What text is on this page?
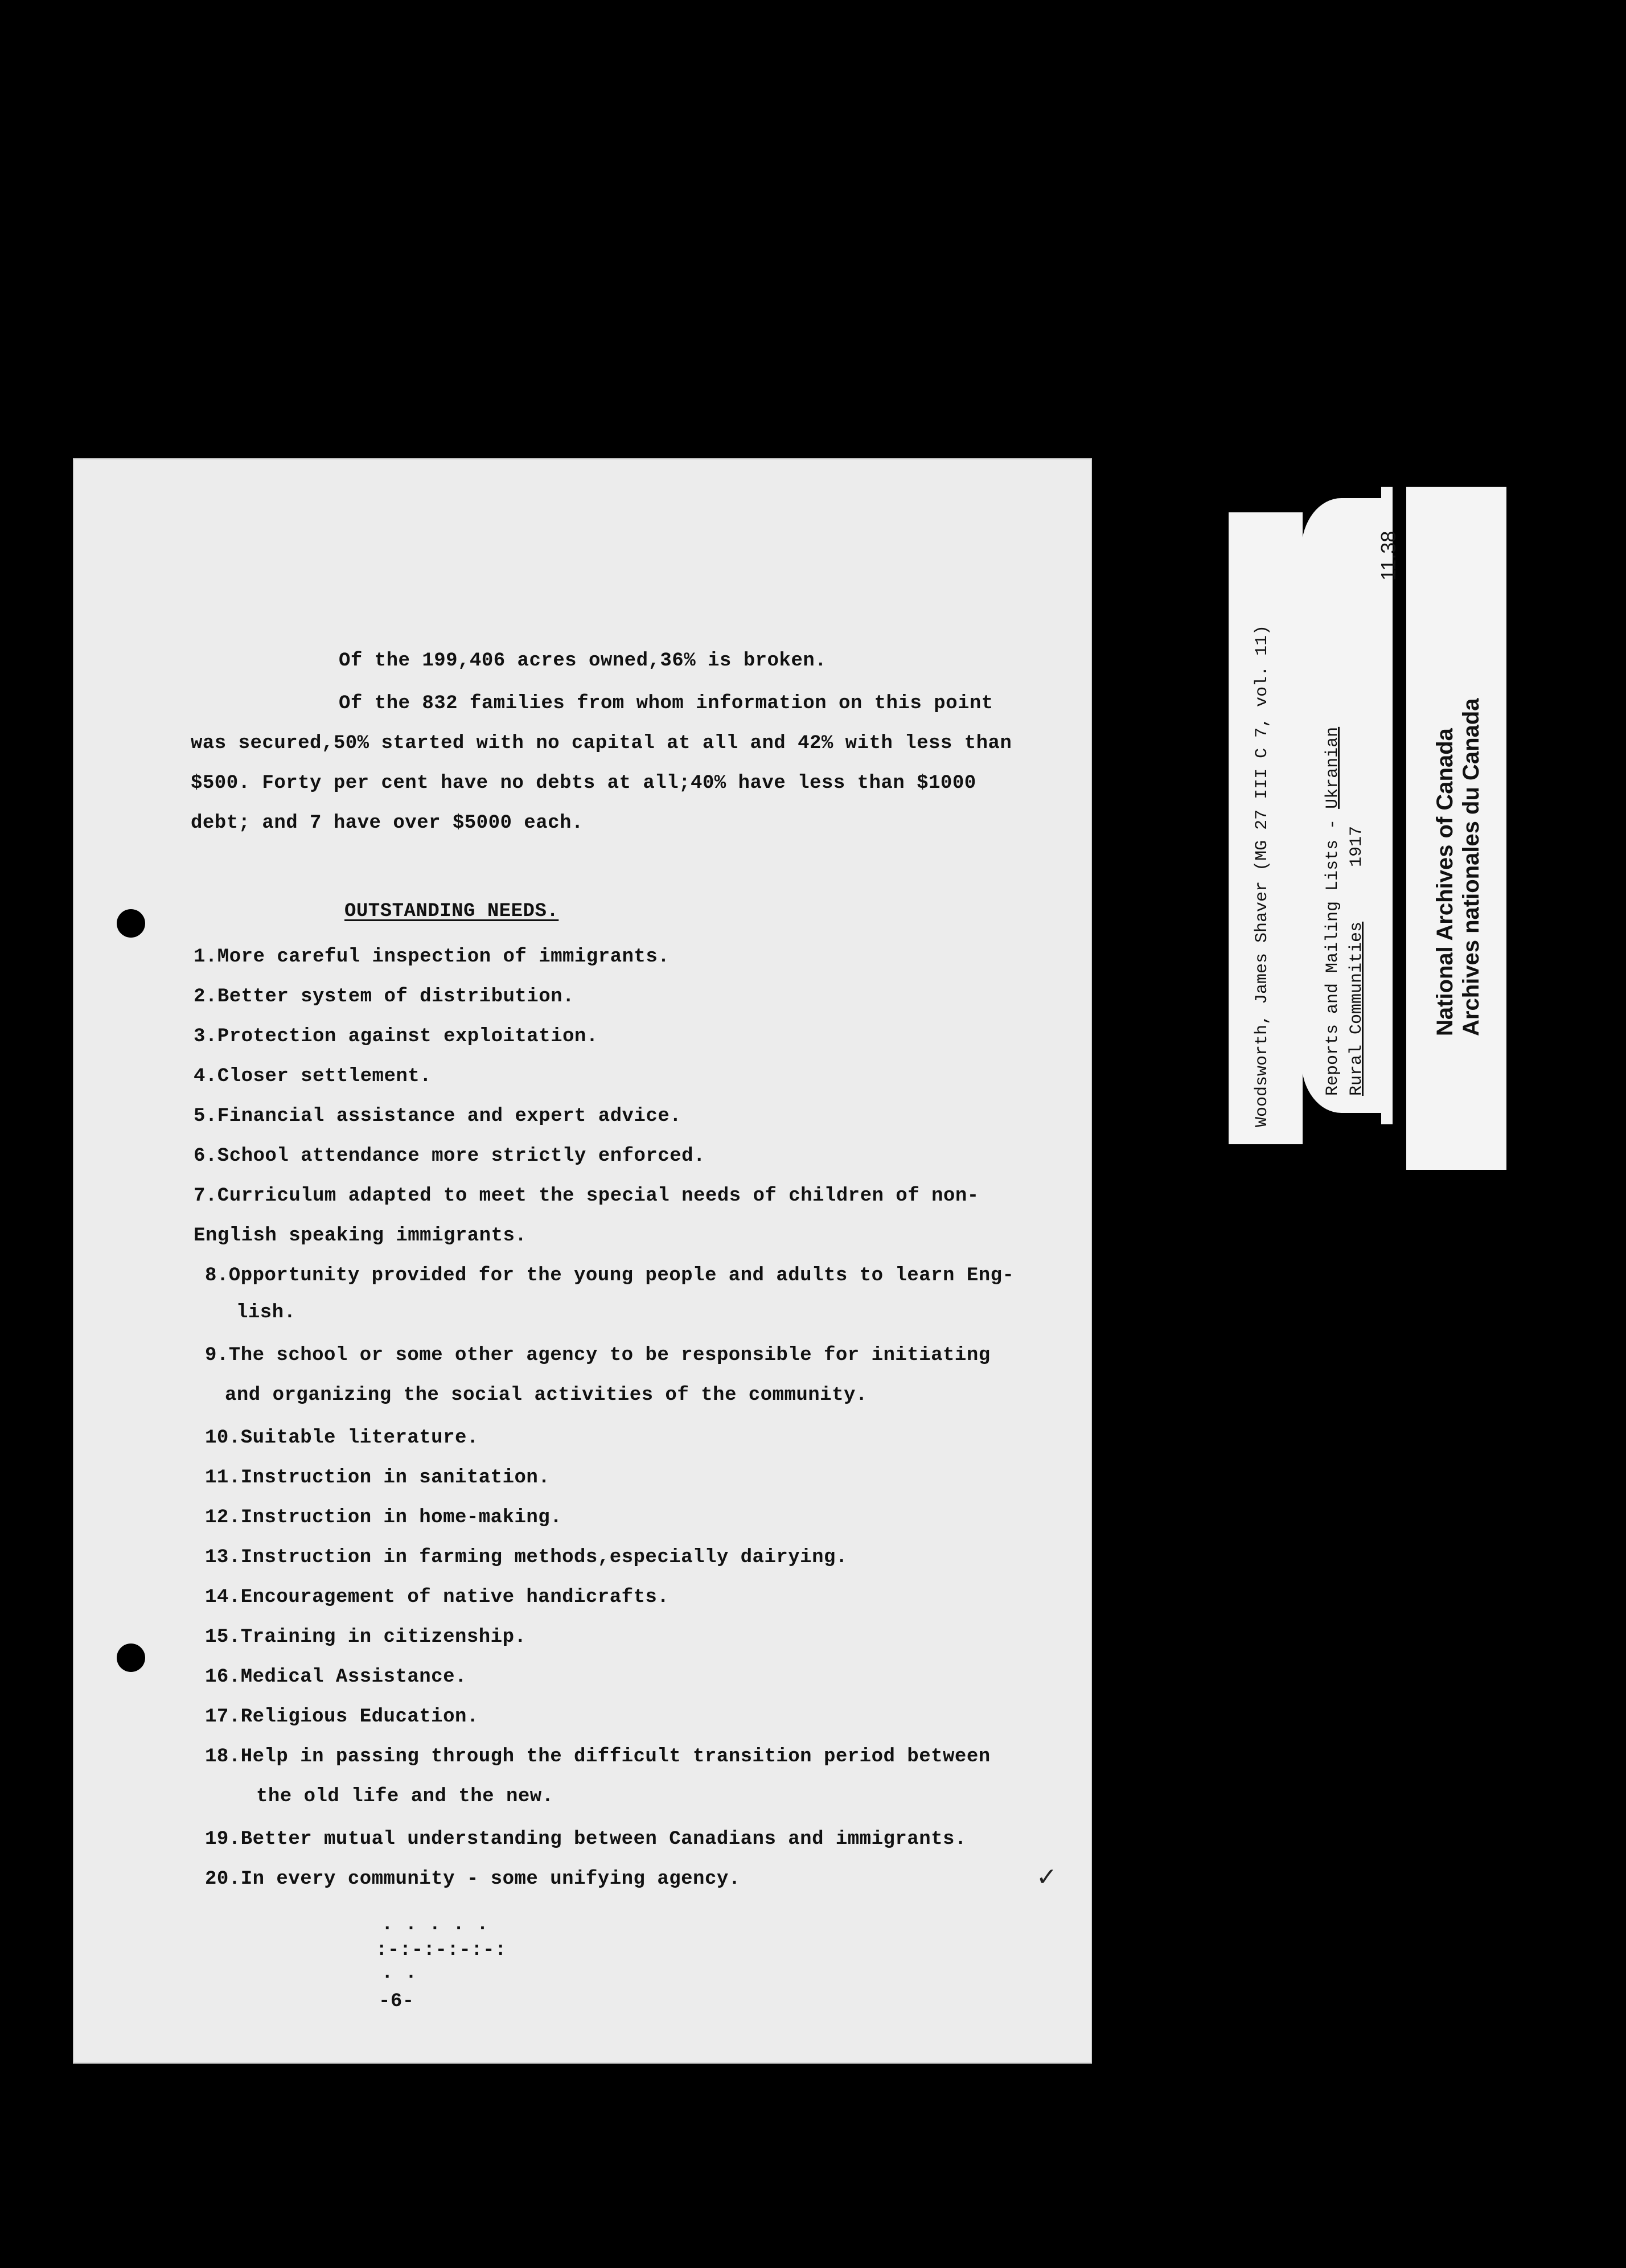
Of the 199,406 acres owned,36% is broken.
Of the 832 families from whom information on this point
was secured,50% started with no capital at all and 42% with less than
$500. Forty per cent have no debts at all;40% have less than $1000
debt; and 7 have over $5000 each.
OUTSTANDING NEEDS.
1.More careful inspection of immigrants.
2.Better system of distribution.
3.Protection against exploitation.
4.Closer settlement.
5.Financial assistance and expert advice.
6.School attendance more strictly enforced.
7.Curriculum adapted to meet the special needs of children of non-
English speaking immigrants.
8.Opportunity provided for the young people and adults to learn Eng-
lish.
9.The school or some other agency to be responsible for initiating
and organizing the social activities of the community.
10.Suitable literature.
11.Instruction in sanitation.
12.Instruction in home-making.
13.Instruction in farming methods,especially dairying.
14.Encouragement of native handicrafts.
15.Training in citizenship.
16.Medical Assistance.
17.Religious Education.
18.Help in passing through the difficult transition period between
the old life and the new.
19.Better mutual understanding between Canadians and immigrants.
20.In every community - some unifying agency.	✓
. . . . .
:-:-:-:-:-:
. .
-6-
Woodsworth, James Shaver (MG 27 III C 7, vol. 11)	Reports and Mailing Lists - Ukranian
Rural Communities  1917
11.38
National Archives of Canada Archives nationales du Canada
